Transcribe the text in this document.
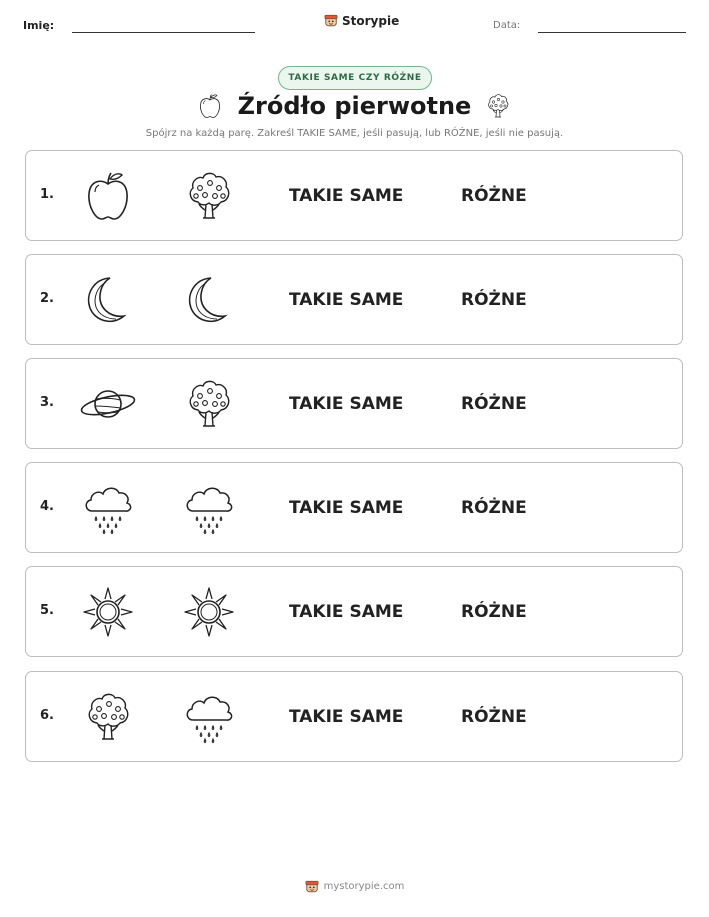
Imię:	Storypie	Data:
TAKIE SAME CZY RÓŻNE
Źródło pierwotne
Spójrz na każdą parę. Zakreśl TAKIE SAME, jeśli pasują, lub RÓŻNE, jeśli nie pasują.
1.	TAKIE SAME	RÓŻNE
2.	TAKIE SAME	RÓŻNE
3.	TAKIE SAME	RÓŻNE
4.	TAKIE SAME	RÓŻNE
5.	TAKIE SAME	RÓŻNE
6.	TAKIE SAME	RÓŻNE
mystorypie.com
